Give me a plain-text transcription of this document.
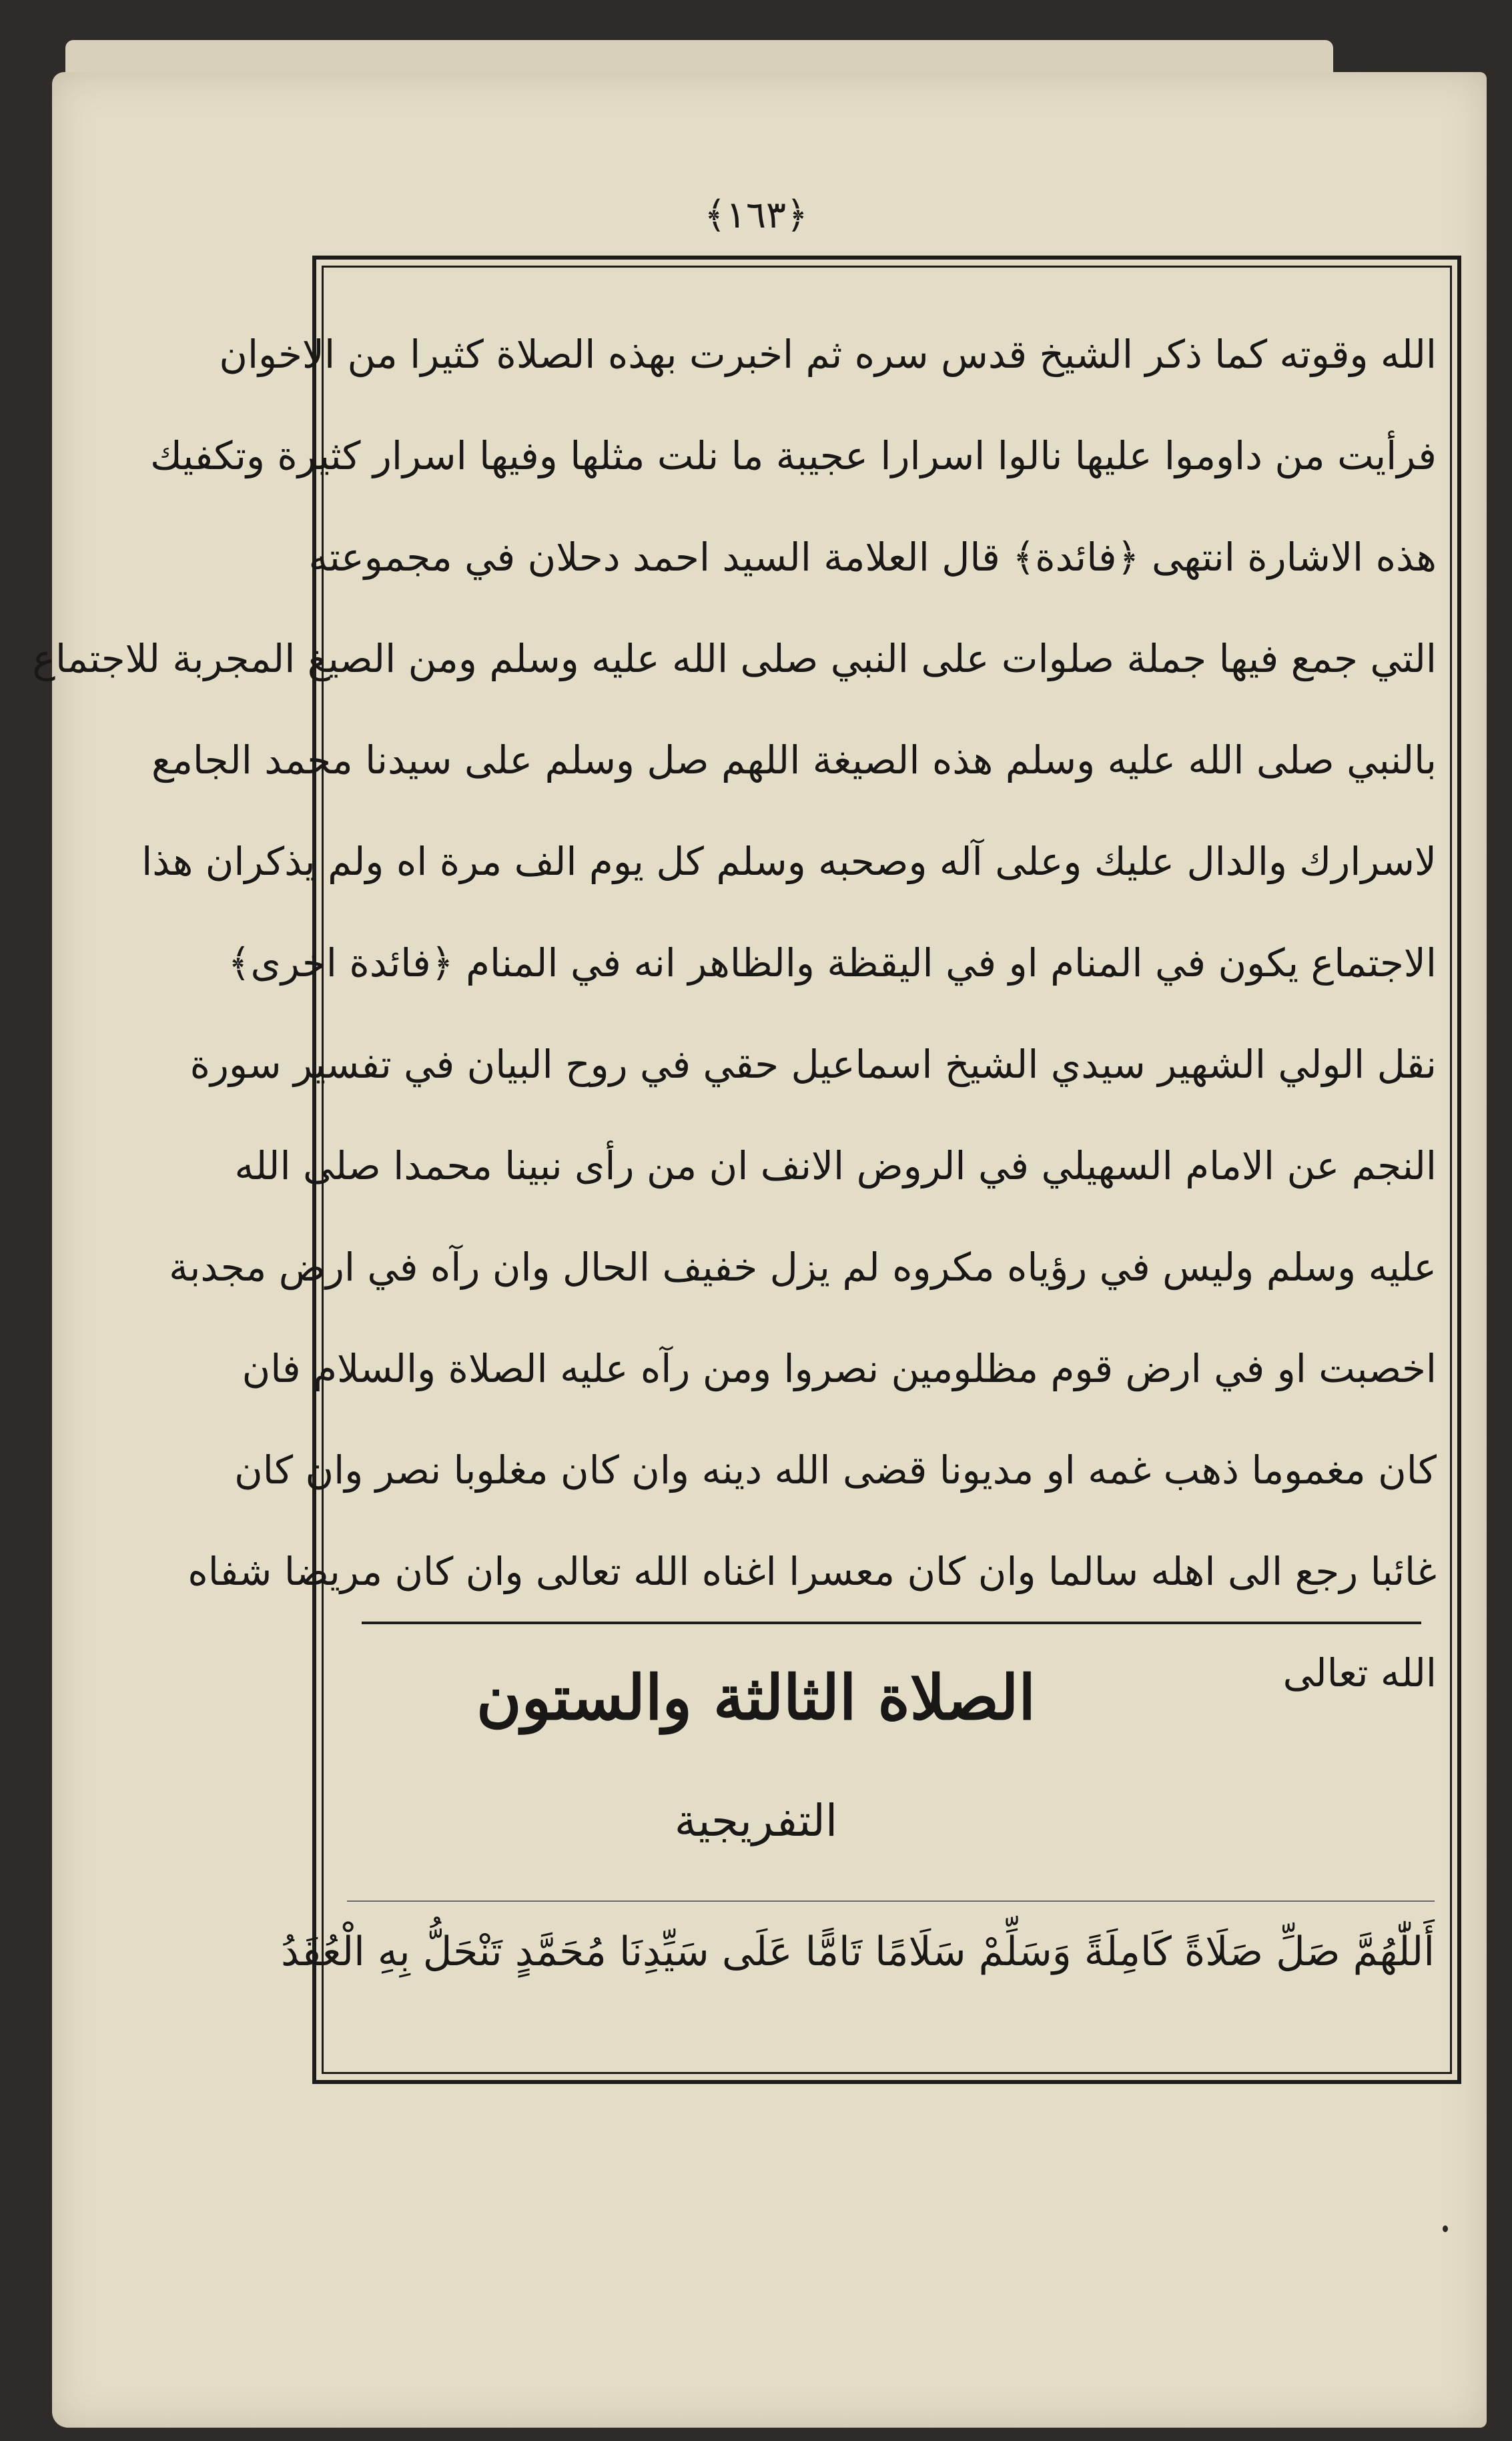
﴿١٦٣﴾
الله وقوته كما ذكر الشيخ قدس سره ثم اخبرت بهذه الصلاة كثيرا من الاخوان
فرأيت من داوموا عليها نالوا اسرارا عجيبة ما نلت مثلها وفيها اسرار كثيرة وتكفيك
هذه الاشارة انتهى ﴿فائدة﴾ قال العلامة السيد احمد دحلان في مجموعته
التي جمع فيها جملة صلوات على النبي صلى الله عليه وسلم ومن الصيغ المجربة للاجتماع
بالنبي صلى الله عليه وسلم هذه الصيغة اللهم صل وسلم على سيدنا محمد الجامع
لاسرارك والدال عليك وعلى آله وصحبه وسلم كل يوم الف مرة اه ولم يذكران هذا
الاجتماع يكون في المنام او في اليقظة والظاهر انه في المنام ﴿فائدة اخرى﴾
نقل الولي الشهير سيدي الشيخ اسماعيل حقي في روح البيان في تفسير سورة
النجم عن الامام السهيلي في الروض الانف ان من رأى نبينا محمدا صلى الله
عليه وسلم وليس في رؤياه مكروه لم يزل خفيف الحال وان رآه في ارض مجدبة
اخصبت او في ارض قوم مظلومين نصروا ومن رآه عليه الصلاة والسلام فان
كان مغموما ذهب غمه او مديونا قضى الله دينه وان كان مغلوبا نصر وان كان
غائبا رجع الى اهله سالما وان كان معسرا اغناه الله تعالى وان كان مريضا شفاه
الله تعالى
الصلاة الثالثة والستون
التفريجية
أَللّٰهُمَّ صَلِّ صَلَاةً كَامِلَةً وَسَلِّمْ سَلَامًا تَامًّا عَلَى سَيِّدِنَا مُحَمَّدٍ تَنْحَلُّ بِهِ الْعُقَدُ
